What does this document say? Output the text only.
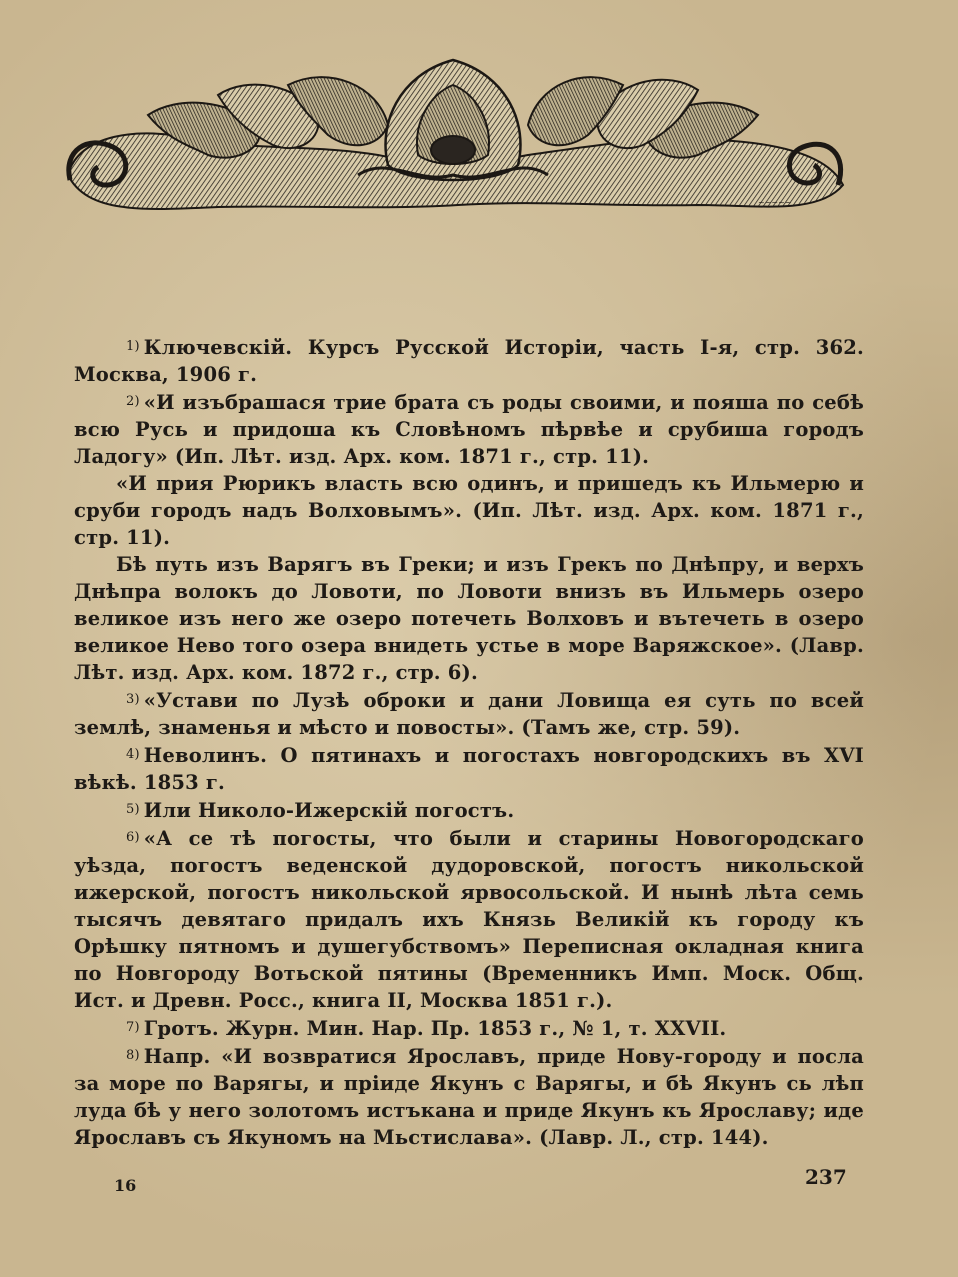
~~~~~

$^{1)}$ Ключевскій. Курсъ Русской Исторіи, часть І-я, стр. 362. Москва, 1906 г.

$^{2)}$ «И изъбрашася трие брата съ роды своими, и пояша по себѣ всю Русь и придоша къ Словѣномъ пѣрвѣе и срубиша городъ Ладогу» (Ип. Лѣт. изд. Арх. ком. 1871 г., стр. 11).

«И прия Рюрикъ власть всю одинъ, и пришедъ къ Ильмерю и сруби городъ надъ Волховымъ». (Ип. Лѣт. изд. Арх. ком. 1871 г., стр. 11).

Бѣ путь изъ Варягъ въ Греки; и изъ Грекъ по Днѣпру, и верхъ Днѣпра волокъ до Ловоти, по Ловоти внизъ въ Ильмерь озеро великое изъ него же озеро потечеть Волховъ и вътечеть в озеро великое Нево того озера внидеть устье в море Варяжское». (Лавр. Лѣт. изд. Арх. ком. 1872 г., стр. 6).

$^{3)}$ «Устави по Лузѣ оброки и дани Ловища ея суть по всей землѣ, знаменья и мѣсто и повосты». (Тамъ же, стр. 59).

$^{4)}$ Неволинъ. О пятинахъ и погостахъ новгородскихъ въ XVI вѣкѣ. 1853 г.

$^{5)}$ Или Николо-Ижерскій погостъ.

$^{6)}$ «А се тѣ погосты, что были и старины Новогородскаго уѣзда, погостъ веденской дудоровской, погостъ никольской ижерской, погостъ никольской ярвосольской. И нынѣ лѣта семь тысячъ девятаго придалъ ихъ Князь Великій къ городу къ Орѣшку пятномъ и душегубствомъ» Переписная окладная книга по Новгороду Вотьской пятины (Временникъ Имп. Моск. Общ. Ист. и Древн. Росс., книга II, Москва 1851 г.).

$^{7)}$ Гротъ. Журн. Мин. Нар. Пр. 1853 г., № 1, т. XXVII.

$^{8)}$ Напр. «И возвратися Ярославъ, приде Нову-городу и посла за море по Варягы, и пріиде Якунъ с Варягы, и бѣ Якунъ сь лѣп луда бѣ у него золотомъ истъкана и приде Якунъ къ Ярославу; иде Ярославъ съ Якуномъ на Мьстислава». (Лавр. Л., стр. 144).

16	237
